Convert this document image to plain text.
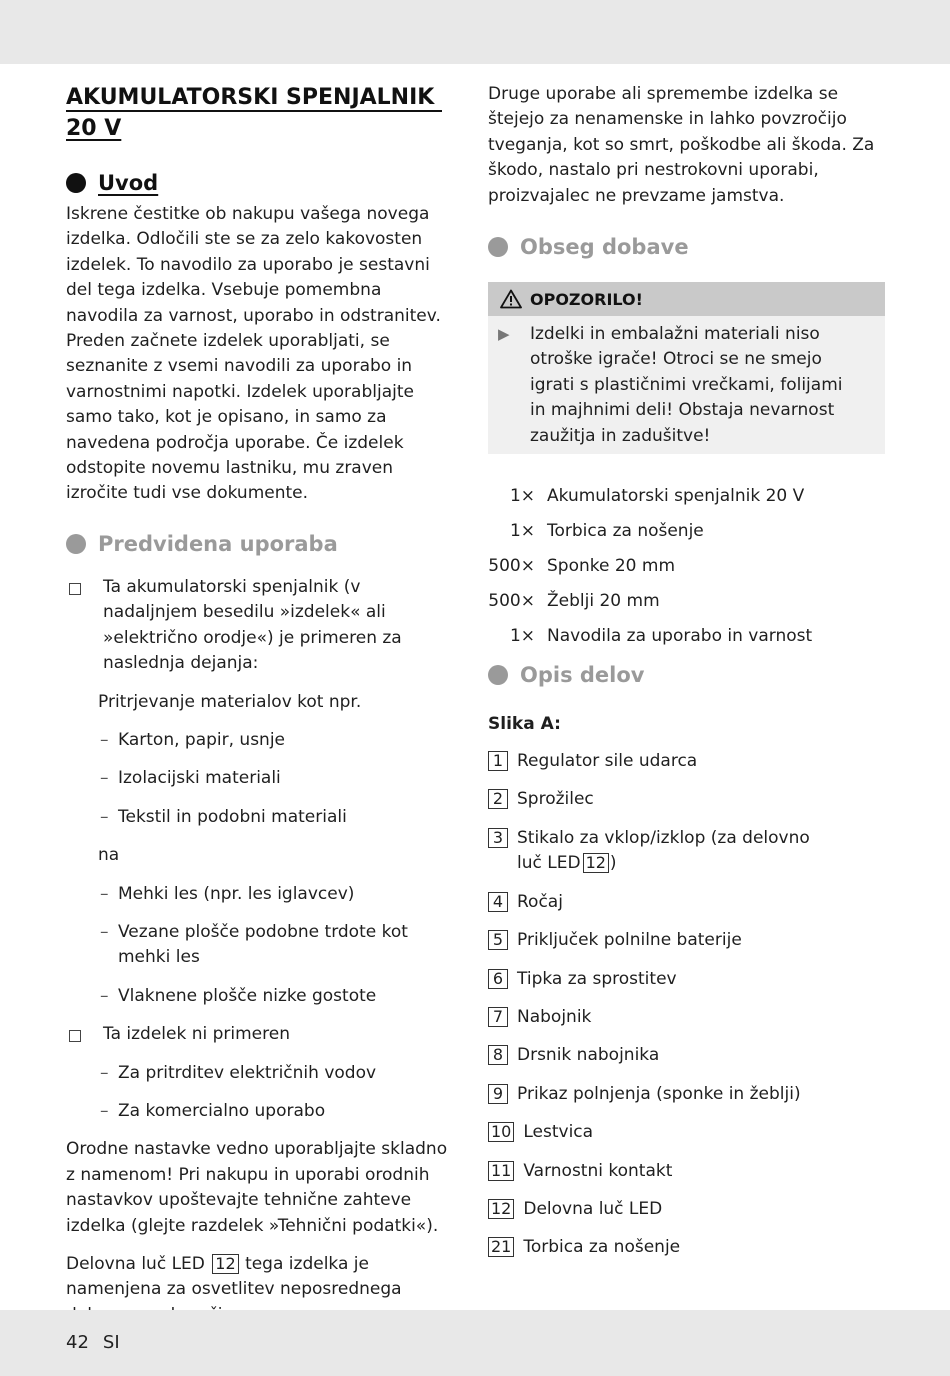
AKUMULATORSKI SPENJALNIK
20 V
Uvod

Iskrene čestitke ob nakupu vašega novega izdelka. Odločili ste se za zelo kakovosten izdelek. To navodilo za uporabo je sestavni del tega izdelka. Vsebuje pomembna navodila za varnost, uporabo in odstranitev. Preden začnete izdelek uporabljati, se seznanite z vsemi navodili za uporabo in varnostnimi napotki. Izdelek uporabljajte samo tako, kot je opisano, in samo za navedena področja uporabe. Če izdelek odstopite novemu lastniku, mu zraven izročite tudi vse dokumente.

Predvidena uporaba
Ta akumulatorski spenjalnik (v nadaljnjem besedilu »izdelek« ali »električno orodje«) je primeren za naslednja dejanja:

Pritrjevanje materialov kot npr.

– Karton, papir, usnje
– Izolacijski materiali
– Tekstil in podobni materiali

na

– Mehki les (npr. les iglavcev)
– Vezane plošče podobne trdote kot mehki les
– Vlaknene plošče nizke gostote
Ta izdelek ni primeren
– Za pritrditev električnih vodov
– Za komercialno uporabo

Orodne nastavke vedno uporabljajte skladno z namenom! Pri nakupu in uporabi orodnih nastavkov upoštevajte tehnične zahteve izdelka (glejte razdelek »Tehnični podatki«).

Delovna luč LED 12 tega izdelka je namenjena za osvetlitev neposrednega

Druge uporabe ali spremembe izdelka se štejejo za nenamenske in lahko povzročijo tveganja, kot so smrt, poškodbe ali škoda. Za škodo, nastalo pri nestrokovni uporabi, proizvajalec ne prevzame jamstva.

Obseg dobave
OPOZORILO!
▶	Izdelki in embalažni materiali niso otroške igrače! Otroci se ne smejo igrati s plastičnimi vrečkami, folijami in majhnimi deli! Obstaja nevarnost zaužitja in zadušitve!
1× Akumulatorski spenjalnik 20 V
1× Torbica za nošenje
500× Sponke 20 mm
500× Žeblji 20 mm
1× Navodila za uporabo in varnost
Opis delov
Slika A:
1 Regulator sile udarca
2 Sprožilec
3 Stikalo za vklop/izklop (za delovno luč LED 12 )
4 Ročaj
5 Priključek polnilne baterije
6 Tipka za sprostitev
7 Nabojnik
8 Drsnik nabojnika
9 Prikaz polnjenja (sponke in žeblji)
10 Lestvica
11 Varnostni kontakt
12 Delovna luč LED
21 Torbica za nošenje
42 SI
